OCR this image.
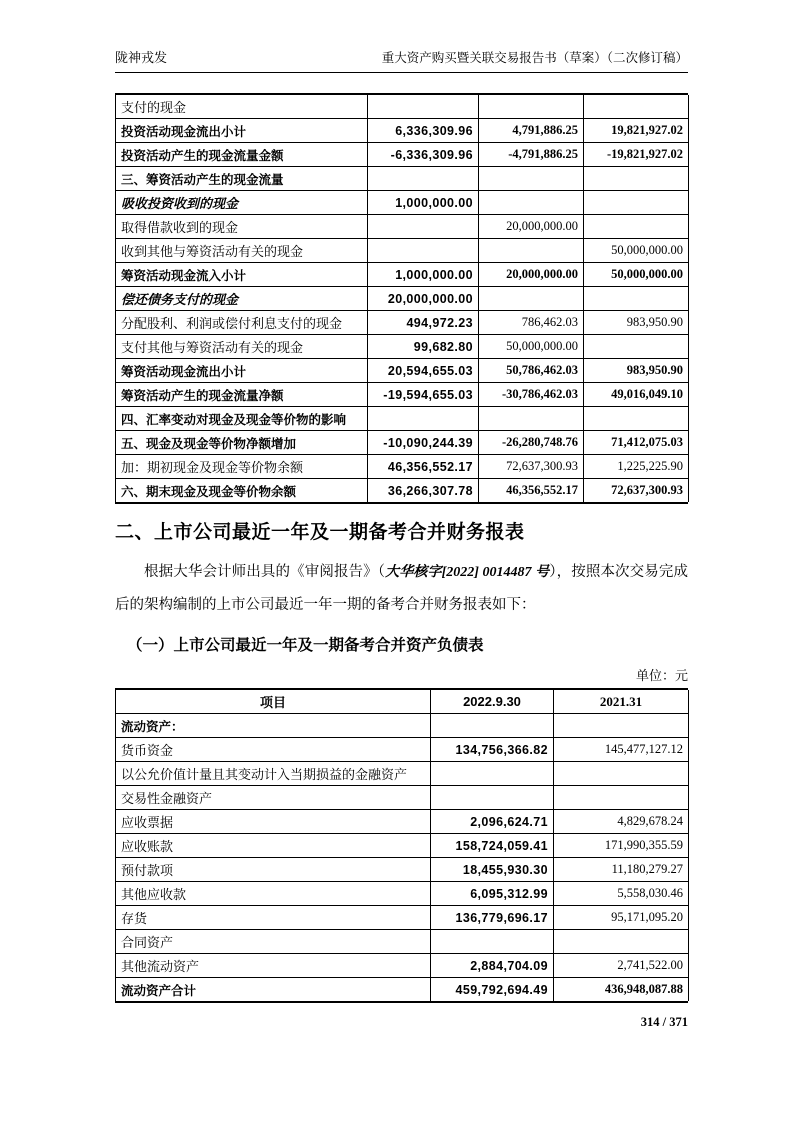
陇神戎发	重大资产购买暨关联交易报告书（草案）（二次修订稿）
支付的现金			
投资活动现金流出小计	6,336,309.96	4,791,886.25	19,821,927.02
投资活动产生的现金流量金额	-6,336,309.96	-4,791,886.25	-19,821,927.02
三、筹资活动产生的现金流量			
吸收投资收到的现金	1,000,000.00		
取得借款收到的现金		20,000,000.00	
收到其他与筹资活动有关的现金			50,000,000.00
筹资活动现金流入小计	1,000,000.00	20,000,000.00	50,000,000.00
偿还债务支付的现金	20,000,000.00		
分配股利、利润或偿付利息支付的现金	494,972.23	786,462.03	983,950.90
支付其他与筹资活动有关的现金	99,682.80	50,000,000.00	
筹资活动现金流出小计	20,594,655.03	50,786,462.03	983,950.90
筹资活动产生的现金流量净额	-19,594,655.03	-30,786,462.03	49,016,049.10
四、汇率变动对现金及现金等价物的影响			
五、现金及现金等价物净额增加	-10,090,244.39	-26,280,748.76	71,412,075.03
加：期初现金及现金等价物余额	46,356,552.17	72,637,300.93	1,225,225.90
六、期末现金及现金等价物余额	36,266,307.78	46,356,552.17	72,637,300.93
二、上市公司最近一年及一期备考合并财务报表
根据大华会计师出具的《审阅报告》（大华核字[2022] 0014487 号），按照本次交易完成后的架构编制的上市公司最近一年一期的备考合并财务报表如下：
（一）上市公司最近一年及一期备考合并资产负债表
单位：元
项目	2022.9.30	2021.31
流动资产：		
货币资金	134,756,366.82	145,477,127.12
以公允价值计量且其变动计入当期损益的金融资产		
交易性金融资产		
应收票据	2,096,624.71	4,829,678.24
应收账款	158,724,059.41	171,990,355.59
预付款项	18,455,930.30	11,180,279.27
其他应收款	6,095,312.99	5,558,030.46
存货	136,779,696.17	95,171,095.20
合同资产		
其他流动资产	2,884,704.09	2,741,522.00
流动资产合计	459,792,694.49	436,948,087.88
314 / 371
